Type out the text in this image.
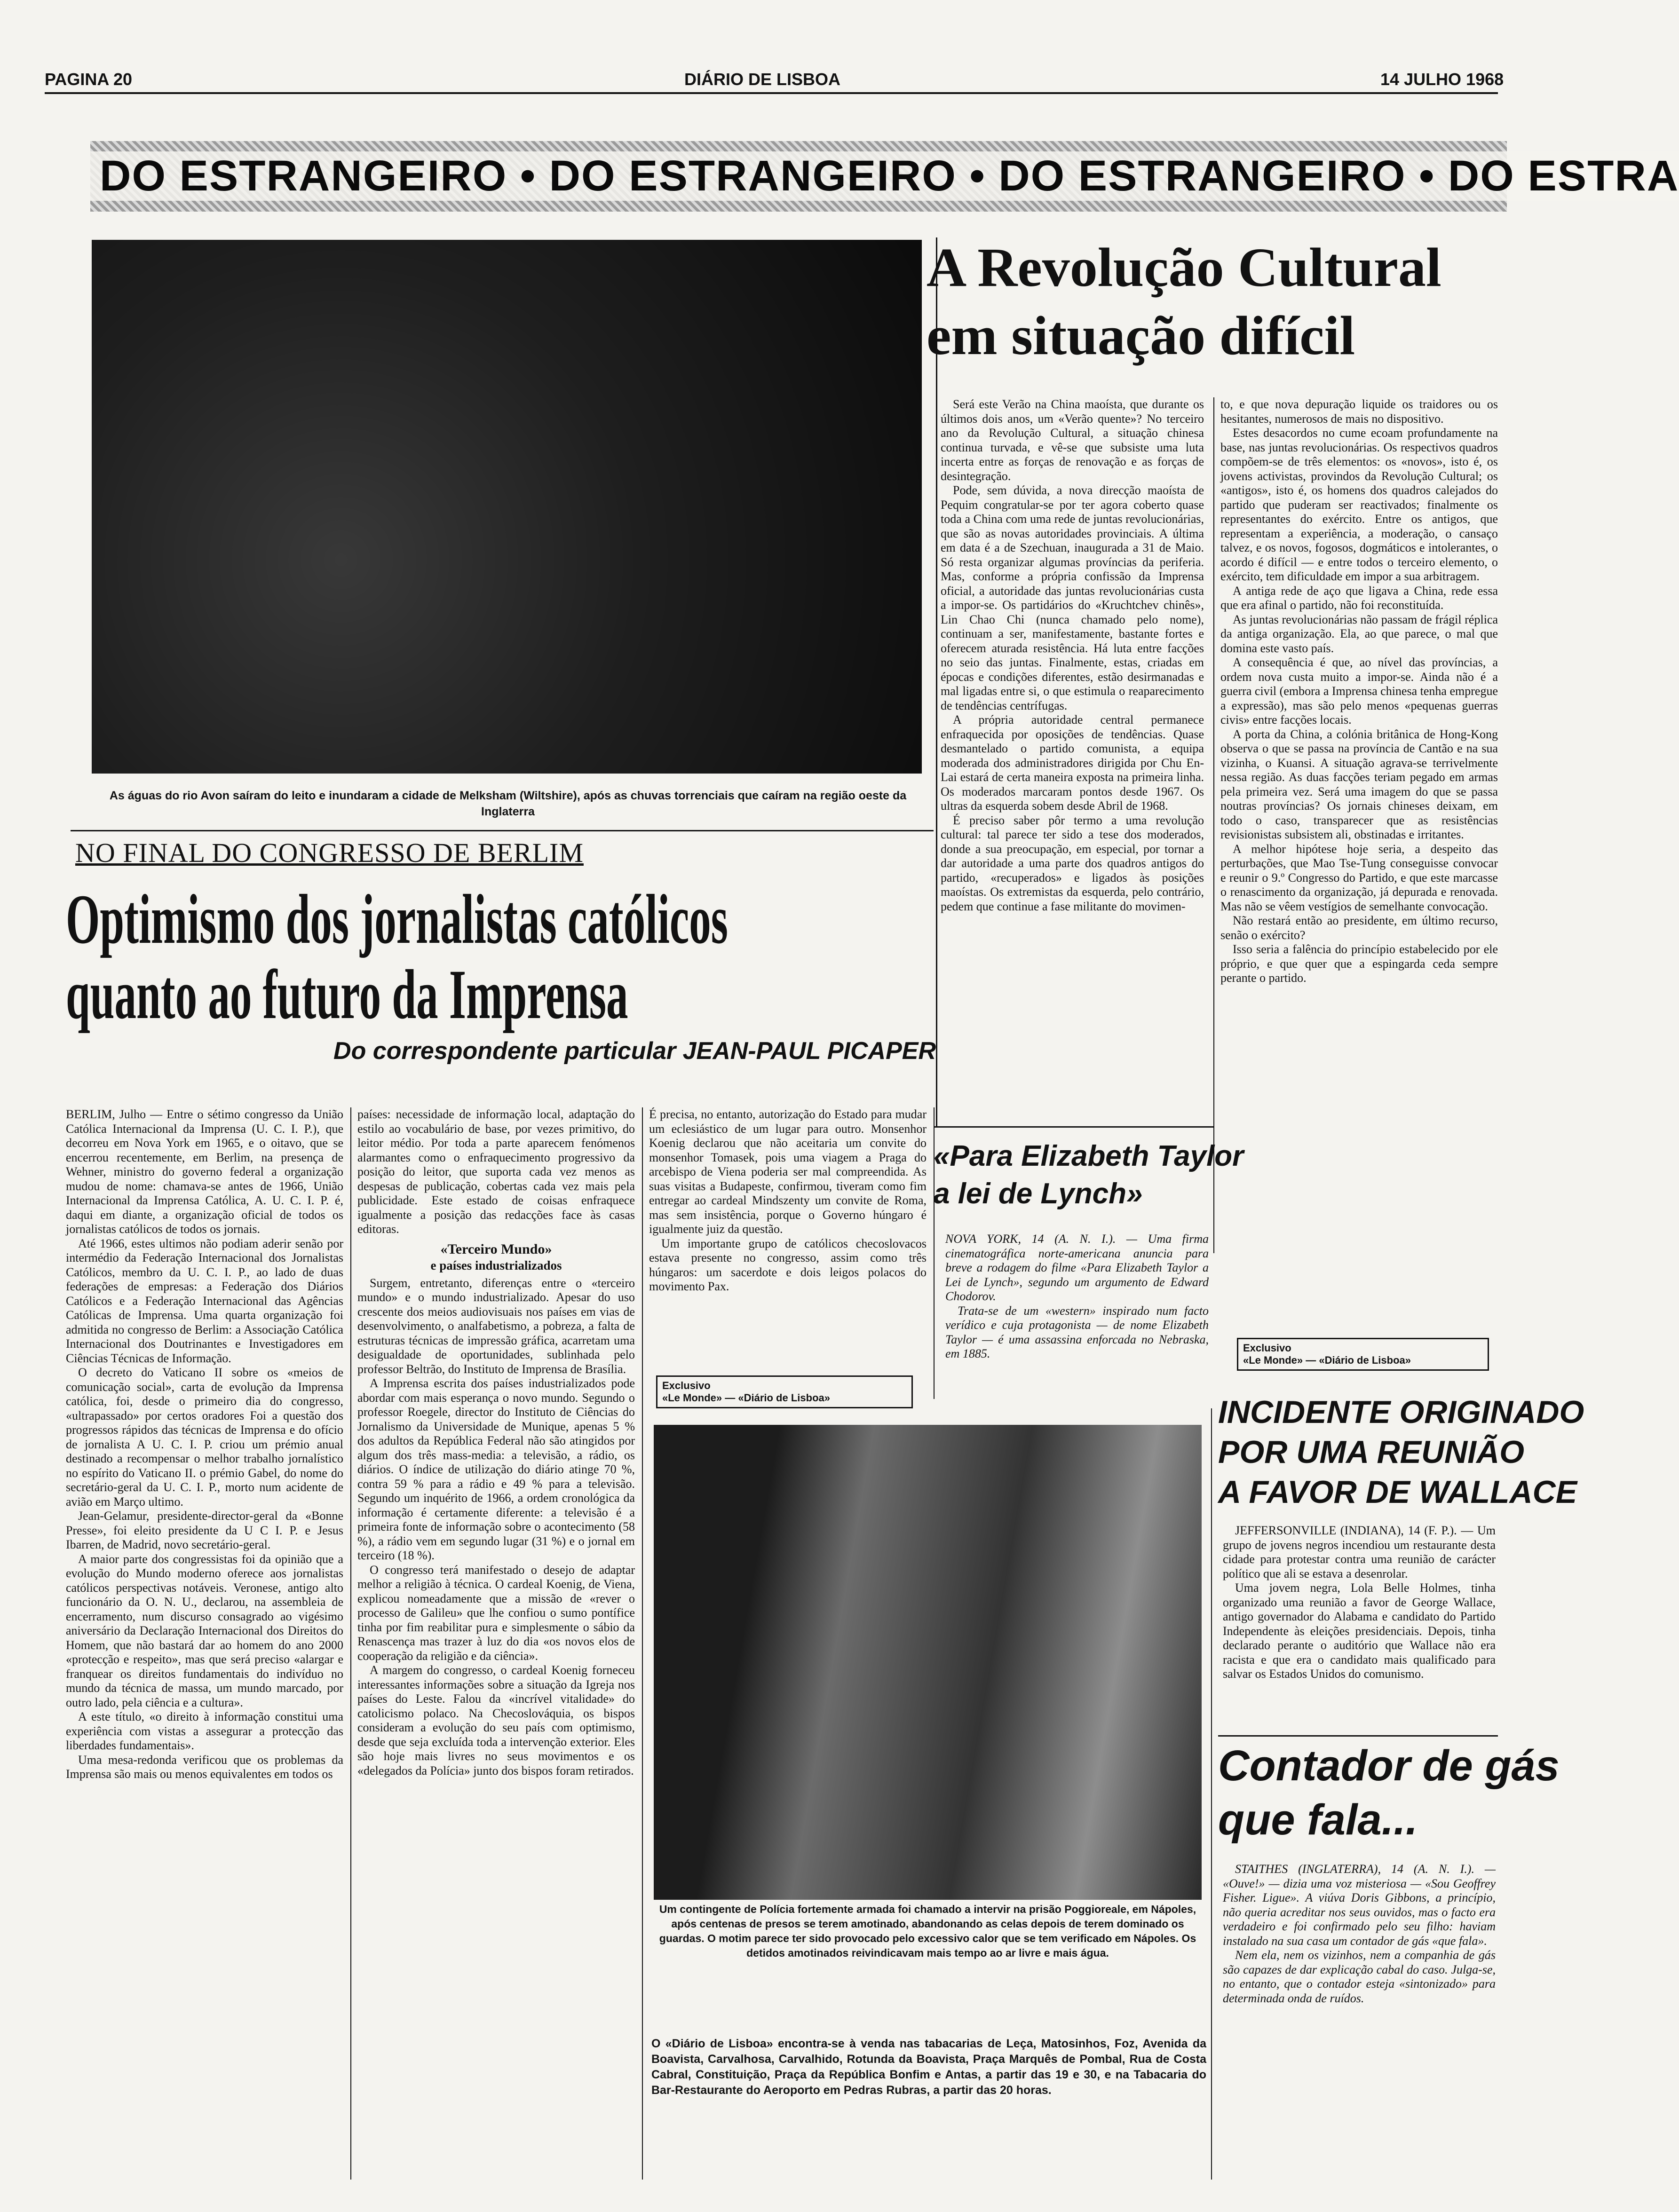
PAGINA 20	DIÁRIO DE LISBOA	14 JULHO 1968
DO ESTRANGEIRO • DO ESTRANGEIRO • DO ESTRANGEIRO • DO ESTRA
As águas do rio Avon saíram do leito e inundaram a cidade de Melksham (Wiltshire), após as chuvas torrenciais que caíram na região oeste da Inglaterra
NO FINAL DO CONGRESSO DE BERLIM
Optimismo dos jornalistas católicos
quanto ao futuro da Imprensa
Do correspondente particular JEAN-PAUL PICAPER

BERLIM, Julho — Entre o sétimo congresso da União Católica Internacional da Imprensa (U. C. I. P.), que decorreu em Nova York em 1965, e o oitavo, que se encerrou recentemente, em Berlim, na presença de Wehner, ministro do governo federal a organização mudou de nome: chamava-se antes de 1966, União Internacional da Imprensa Católica, A. U. C. I. P. é, daqui em diante, a organização oficial de todos os jornalistas católicos de todos os jornais.

Até 1966, estes ultimos não podiam aderir senão por intermédio da Federação Internacional dos Jornalistas Católicos, membro da U. C. I. P., ao lado de duas federações de empresas: a Federação dos Diários Católicos e a Federação Internacional das Agências Católicas de Imprensa. Uma quarta organização foi admitida no congresso de Berlim: a Associação Católica Internacional dos Doutrinantes e Investigadores em Ciências Técnicas de Informação.

O decreto do Vaticano II sobre os «meios de comunicação social», carta de evolução da Imprensa católica, foi, desde o primeiro dia do congresso, «ultrapassado» por certos oradores Foi a questão dos progressos rápidos das técnicas de Imprensa e do ofício de jornalista A U. C. I. P. criou um prémio anual destinado a recompensar o melhor trabalho jornalístico no espírito do Vaticano II. o prémio Gabel, do nome do secretário-geral da U. C. I. P., morto num acidente de avião em Março ultimo.

Jean-Gelamur, presidente-director-geral da «Bonne Presse», foi eleito presidente da U C I. P. e Jesus Ibarren, de Madrid, novo secretário-geral.

A maior parte dos congressistas foi da opinião que a evolução do Mundo moderno oferece aos jornalistas católicos perspectivas notáveis. Veronese, antigo alto funcionário da O. N. U., declarou, na assembleia de encerramento, num discurso consagrado ao vigésimo aniversário da Declaração Internacional dos Direitos do Homem, que não bastará dar ao homem do ano 2000 «protecção e respeito», mas que será preciso «alargar e franquear os direitos fundamentais do indivíduo no mundo da técnica de massa, um mundo marcado, por outro lado, pela ciência e a cultura».

A este título, «o direito à informação constitui uma experiência com vistas a assegurar a protecção das liberdades fundamentais».

Uma mesa-redonda verificou que os problemas da Imprensa são mais ou menos equivalentes em todos os

países: necessidade de informação local, adaptação do estilo ao vocabulário de base, por vezes primitivo, do leitor médio. Por toda a parte aparecem fenómenos alarmantes como o enfraquecimento progressivo da posição do leitor, que suporta cada vez menos as despesas de publicação, cobertas cada vez mais pela publicidade. Este estado de coisas enfraquece igualmente a posição das redacções face às casas editoras.

«Terceiro Mundo»
e países industrializados

Surgem, entretanto, diferenças entre o «terceiro mundo» e o mundo industrializado. Apesar do uso crescente dos meios audiovisuais nos países em vias de desenvolvimento, o analfabetismo, a pobreza, a falta de estruturas técnicas de impressão gráfica, acarretam uma desigualdade de oportunidades, sublinhada pelo professor Beltrão, do Instituto de Imprensa de Brasília.

A Imprensa escrita dos países industrializados pode abordar com mais esperança o novo mundo. Segundo o professor Roegele, director do Instituto de Ciências do Jornalismo da Universidade de Munique, apenas 5 % dos adultos da República Federal não são atingidos por algum dos três mass-media: a televisão, a rádio, os diários. O índice de utilização do diário atinge 70 %, contra 59 % para a rádio e 49 % para a televisão. Segundo um inquérito de 1966, a ordem cronológica da informação é certamente diferente: a televisão é a primeira fonte de informação sobre o acontecimento (58 %), a rádio vem em segundo lugar (31 %) e o jornal em terceiro (18 %).

O congresso terá manifestado o desejo de adaptar melhor a religião à técnica. O cardeal Koenig, de Viena, explicou nomeadamente que a missão de «rever o processo de Galileu» que lhe confiou o sumo pontífice tinha por fim reabilitar pura e simplesmente o sábio da Renascença mas trazer à luz do dia «os novos elos de cooperação da religião e da ciência».

A margem do congresso, o cardeal Koenig forneceu interessantes informações sobre a situação da Igreja nos países do Leste. Falou da «incrível vitalidade» do catolicismo polaco. Na Checoslováquia, os bispos consideram a evolução do seu país com optimismo, desde que seja excluída toda a intervenção exterior. Eles são hoje mais livres no seus movimentos e os «delegados da Polícia» junto dos bispos foram retirados.

É precisa, no entanto, autorização do Estado para mudar um eclesiástico de um lugar para outro. Monsenhor Koenig declarou que não aceitaria um convite do monsenhor Tomasek, pois uma viagem a Praga do arcebispo de Viena poderia ser mal compreendida. As suas visitas a Budapeste, confirmou, tiveram como fim entregar ao cardeal Mindszenty um convite de Roma, mas sem insistência, porque o Governo húngaro é igualmente juiz da questão.

Um importante grupo de católicos checoslovacos estava presente no congresso, assim como três húngaros: um sacerdote e dois leigos polacos do movimento Pax.

Exclusivo
«Le Monde» — «Diário de Lisboa»
A Revolução Cultural
em situação difícil

Será este Verão na China maoísta, que durante os últimos dois anos, um «Verão quente»? No terceiro ano da Revolução Cultural, a situação chinesa continua turvada, e vê-se que subsiste uma luta incerta entre as forças de renovação e as forças de desintegração.

Pode, sem dúvida, a nova direcção maoísta de Pequim congratular-se por ter agora coberto quase toda a China com uma rede de juntas revolucionárias, que são as novas autoridades provinciais. A última em data é a de Szechuan, inaugurada a 31 de Maio. Só resta organizar algumas províncias da periferia. Mas, conforme a própria confissão da Imprensa oficial, a autoridade das juntas revolucionárias custa a impor-se. Os partidários do «Kruchtchev chinês», Lin Chao Chi (nunca chamado pelo nome), continuam a ser, manifestamente, bastante fortes e oferecem aturada resistência. Há luta entre facções no seio das juntas. Finalmente, estas, criadas em épocas e condições diferentes, estão desirmanadas e mal ligadas entre si, o que estimula o reaparecimento de tendências centrífugas.

A própria autoridade central permanece enfraquecida por oposições de tendências. Quase desmantelado o partido comunista, a equipa moderada dos administradores dirigida por Chu En-Lai estará de certa maneira exposta na primeira linha. Os moderados marcaram pontos desde 1967. Os ultras da esquerda sobem desde Abril de 1968.

É preciso saber pôr termo a uma revolução cultural: tal parece ter sido a tese dos moderados, donde a sua preocupação, em especial, por tornar a dar autoridade a uma parte dos quadros antigos do partido, «recuperados» e ligados às posições maoístas. Os extremistas da esquerda, pelo contrário, pedem que continue a fase militante do movimen-

to, e que nova depuração liquide os traidores ou os hesitantes, numerosos de mais no dispositivo.

Estes desacordos no cume ecoam profundamente na base, nas juntas revolucionárias. Os respectivos quadros compõem-se de três elementos: os «novos», isto é, os jovens activistas, provindos da Revolução Cultural; os «antigos», isto é, os homens dos quadros calejados do partido que puderam ser reactivados; finalmente os representantes do exército. Entre os antigos, que representam a experiência, a moderação, o cansaço talvez, e os novos, fogosos, dogmáticos e intolerantes, o acordo é difícil — e entre todos o terceiro elemento, o exército, tem dificuldade em impor a sua arbitragem.

A antiga rede de aço que ligava a China, rede essa que era afinal o partido, não foi reconstituída.

As juntas revolucionárias não passam de frágil réplica da antiga organização. Ela, ao que parece, o mal que domina este vasto país.

A consequência é que, ao nível das províncias, a ordem nova custa muito a impor-se. Ainda não é a guerra civil (embora a Imprensa chinesa tenha empregue a expressão), mas são pelo menos «pequenas guerras civis» entre facções locais.

A porta da China, a colónia britânica de Hong-Kong observa o que se passa na província de Cantão e na sua vizinha, o Kuansi. A situação agrava-se terrivelmente nessa região. As duas facções teriam pegado em armas pela primeira vez. Será uma imagem do que se passa noutras províncias? Os jornais chineses deixam, em todo o caso, transparecer que as resistências revisionistas subsistem ali, obstinadas e irritantes.

A melhor hipótese hoje seria, a despeito das perturbações, que Mao Tse-Tung conseguisse convocar e reunir o 9.º Congresso do Partido, e que este marcasse o renascimento da organização, já depurada e renovada. Mas não se vêem vestígios de semelhante convocação.

Não restará então ao presidente, em último recurso, senão o exército?

Isso seria a falência do princípio estabelecido por ele próprio, e que quer que a espingarda ceda sempre perante o partido.

Exclusivo
«Le Monde» — «Diário de Lisboa»
«Para Elizabeth Taylor
a lei de Lynch»

NOVA YORK, 14 (A. N. I.). — Uma firma cinematográfica norte-americana anuncia para breve a rodagem do filme «Para Elizabeth Taylor a Lei de Lynch», segundo um argumento de Edward Chodorov.

Trata-se de um «western» inspirado num facto verídico e cuja protagonista — de nome Elizabeth Taylor — é uma assassina enforcada no Nebraska, em 1885.

Um contingente de Polícia fortemente armada foi chamado a intervir na prisão Poggioreale, em Nápoles, após centenas de presos se terem amotinado, abandonando as celas depois de terem dominado os guardas. O motim parece ter sido provocado pelo excessivo calor que se tem verificado em Nápoles. Os detidos amotinados reivindicavam mais tempo ao ar livre e mais água.
O «Diário de Lisboa» encontra-se à venda nas tabacarias de Leça, Matosinhos, Foz, Avenida da Boavista, Carvalhosa, Carvalhido, Rotunda da Boavista, Praça Marquês de Pombal, Rua de Costa Cabral, Constituição, Praça da República Bonfim e Antas, a partir das 19 e 30, e na Tabacaria do Bar-Restaurante do Aeroporto em Pedras Rubras, a partir das 20 horas.
INCIDENTE ORIGINADO
POR UMA REUNIÃO
A FAVOR DE WALLACE

JEFFERSONVILLE (INDIANA), 14 (F. P.). — Um grupo de jovens negros incendiou um restaurante desta cidade para protestar contra uma reunião de carácter político que ali se estava a desenrolar.

Uma jovem negra, Lola Belle Holmes, tinha organizado uma reunião a favor de George Wallace, antigo governador do Alabama e candidato do Partido Independente às eleições presidenciais. Depois, tinha declarado perante o auditório que Wallace não era racista e que era o candidato mais qualificado para salvar os Estados Unidos do comunismo.

Contador de gás
que fala...

STAITHES (INGLATERRA), 14 (A. N. I.). — «Ouve!» — dizia uma voz misteriosa — «Sou Geoffrey Fisher. Ligue». A viúva Doris Gibbons, a princípio, não queria acreditar nos seus ouvidos, mas o facto era verdadeiro e foi confirmado pelo seu filho: haviam instalado na sua casa um contador de gás «que fala».

Nem ela, nem os vizinhos, nem a companhia de gás são capazes de dar explicação cabal do caso. Julga-se, no entanto, que o contador esteja «sintonizado» para determinada onda de ruídos.
